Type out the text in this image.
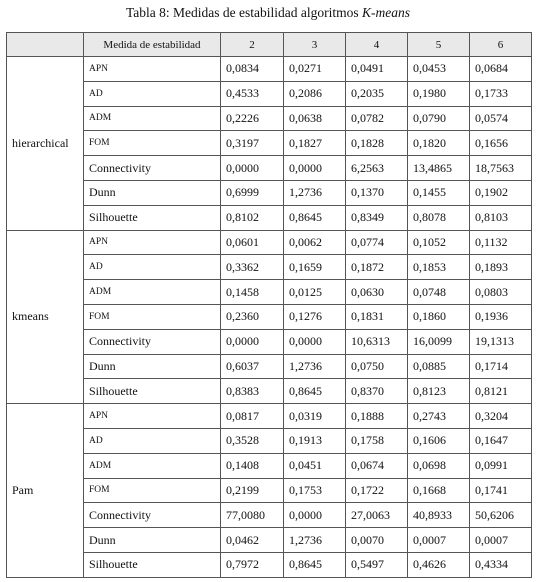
Tabla 8: Medidas de estabilidad algoritmos K-means
	Medida de estabilidad	2	3	4	5	6
hierarchical	APN	0,0834	0,0271	0,0491	0,0453	0,0684
	AD	0,4533	0,2086	0,2035	0,1980	0,1733
	ADM	0,2226	0,0638	0,0782	0,0790	0,0574
	FOM	0,3197	0,1827	0,1828	0,1820	0,1656
	Connectivity	0,0000	0,0000	6,2563	13,4865	18,7563
	Dunn	0,6999	1,2736	0,1370	0,1455	0,1902
	Silhouette	0,8102	0,8645	0,8349	0,8078	0,8103
kmeans	APN	0,0601	0,0062	0,0774	0,1052	0,1132
	AD	0,3362	0,1659	0,1872	0,1853	0,1893
	ADM	0,1458	0,0125	0,0630	0,0748	0,0803
	FOM	0,2360	0,1276	0,1831	0,1860	0,1936
	Connectivity	0,0000	0,0000	10,6313	16,0099	19,1313
	Dunn	0,6037	1,2736	0,0750	0,0885	0,1714
	Silhouette	0,8383	0,8645	0,8370	0,8123	0,8121
Pam	APN	0,0817	0,0319	0,1888	0,2743	0,3204
	AD	0,3528	0,1913	0,1758	0,1606	0,1647
	ADM	0,1408	0,0451	0,0674	0,0698	0,0991
	FOM	0,2199	0,1753	0,1722	0,1668	0,1741
	Connectivity	77,0080	0,0000	27,0063	40,8933	50,6206
	Dunn	0,0462	1,2736	0,0070	0,0007	0,0007
	Silhouette	0,7972	0,8645	0,5497	0,4626	0,4334
